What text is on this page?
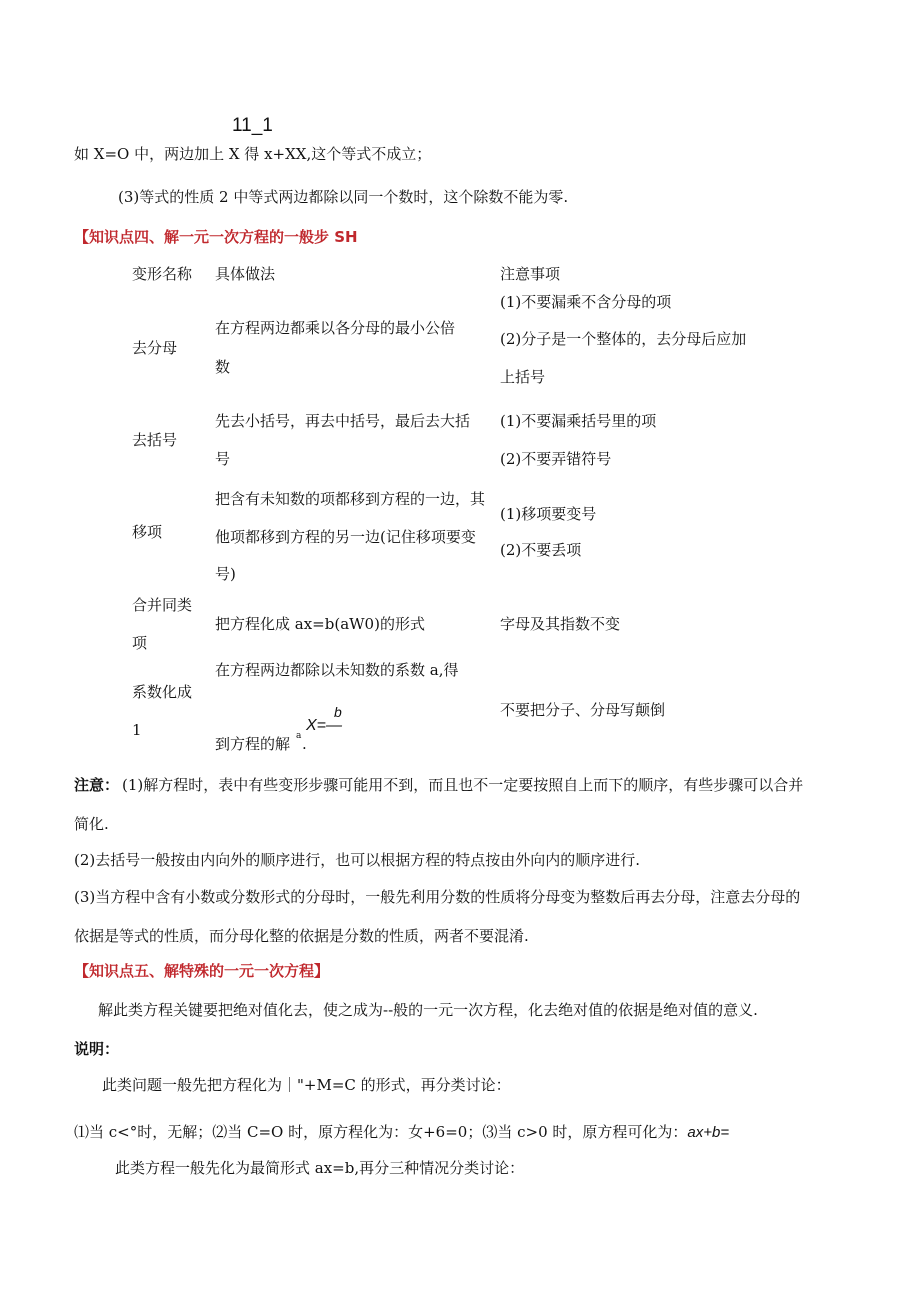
11_1
如 X=O 中，两边加上 X 得 x+XX,这个等式不成立；
(3)等式的性质 2 中等式两边都除以同一个数时，这个除数不能为零.
【知识点四、解一元一次方程的一般步 SH
变形名称 具体做法	注意事项
去分母
在方程两边都乘以各分母的最小公倍
数
(1)不要漏乘不含分母的项
(2)分子是一个整体的，去分母后应加
上括号
去括号
先去小括号，再去中括号，最后去大括
号
(1)不要漏乘括号里的项
(2)不要弄错符号
移项
把含有未知数的项都移到方程的一边，其
他项都移到方程的另一边(记住移项要变
号)
(1)移项要变号
(2)不要丢项
合并同类
项
把方程化成 ax=b(aW0)的形式	字母及其指数不变
系数化成
1
在方程两边都除以未知数的系数 a,得
X=—
b
到方程的解 a .
不要把分子、分母写颠倒
注意： (1)解方程时，表中有些变形步骤可能用不到，而且也不一定要按照自上而下的顺序，有些步骤可以合并
简化.
(2)去括号一般按由内向外的顺序进行，也可以根据方程的特点按由外向内的顺序进行.
(3)当方程中含有小数或分数形式的分母时，一般先利用分数的性质将分母变为整数后再去分母，注意去分母的
依据是等式的性质，而分母化整的依据是分数的性质，两者不要混淆.
【知识点五、解特殊的一元一次方程】
解此类方程关键要把绝对值化去，使之成为--般的一元一次方程，化去绝对值的依据是绝对值的意义.
说明：
此类问题一般先把方程化为｜"+M=C 的形式，再分类讨论：
⑴当 c<°时，无解；⑵当 C=O 时，原方程化为：女+6=0；⑶当 c>0 时，原方程可化为：ax+b=
此类方程一般先化为最简形式 ax=b,再分三种情况分类讨论：
